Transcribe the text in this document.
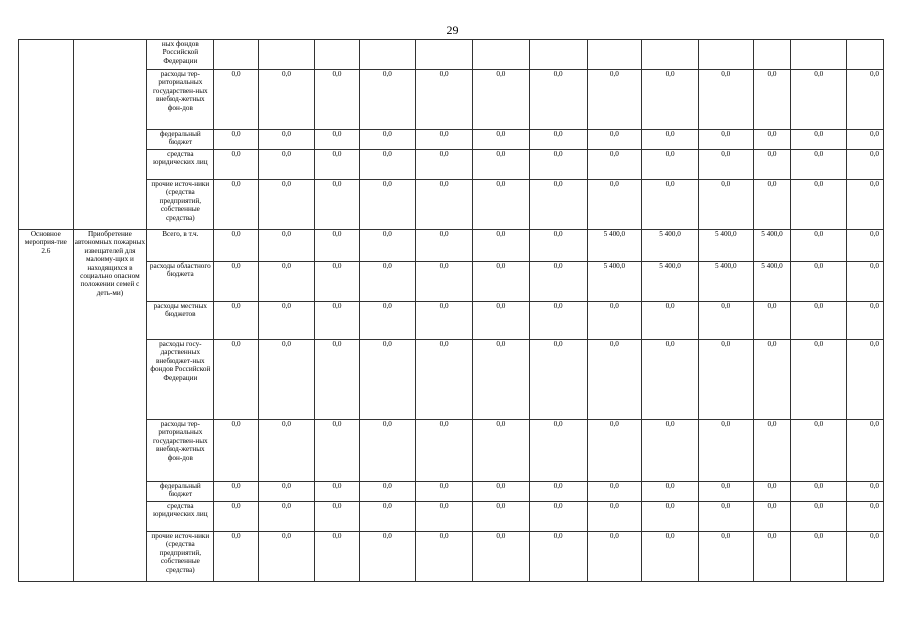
29
		ных фондов Российской Федерации													
		расходы тер-риториальных государствен-ных внебюд-жетных фон-дов	0,0	0,0	0,0	0,0	0,0	0,0	0,0	0,0	0,0	0,0	0,0	0,0	0,0
		федеральный бюджет	0,0	0,0	0,0	0,0	0,0	0,0	0,0	0,0	0,0	0,0	0,0	0,0	0,0
		средства юридических лиц	0,0	0,0	0,0	0,0	0,0	0,0	0,0	0,0	0,0	0,0	0,0	0,0	0,0
		прочие источ-ники (средства предприятий, собственные средства)	0,0	0,0	0,0	0,0	0,0	0,0	0,0	0,0	0,0	0,0	0,0	0,0	0,0
Основное мероприя-тие 2.6	Приобретение автономных пожарных извещателей для малоиму-щих и находящихся в социально опасном положении семей с деть-ми)	Всего, в т.ч.	0,0	0,0	0,0	0,0	0,0	0,0	0,0	5 400,0	5 400,0	5 400,0	5 400,0	0,0	0,0
		расходы областного бюджета	0,0	0,0	0,0	0,0	0,0	0,0	0,0	5 400,0	5 400,0	5 400,0	5 400,0	0,0	0,0
		расходы местных бюджетов	0,0	0,0	0,0	0,0	0,0	0,0	0,0	0,0	0,0	0,0	0,0	0,0	0,0
		расходы госу-дарственных внебюджет-ных фондов Российской Федерации	0,0	0,0	0,0	0,0	0,0	0,0	0,0	0,0	0,0	0,0	0,0	0,0	0,0
		расходы тер-риториальных государствен-ных внебюд-жетных фон-дов	0,0	0,0	0,0	0,0	0,0	0,0	0,0	0,0	0,0	0,0	0,0	0,0	0,0
		федеральный бюджет	0,0	0,0	0,0	0,0	0,0	0,0	0,0	0,0	0,0	0,0	0,0	0,0	0,0
		средства юридических лиц	0,0	0,0	0,0	0,0	0,0	0,0	0,0	0,0	0,0	0,0	0,0	0,0	0,0
		прочие источ-ники (средства предприятий, собственные средства)	0,0	0,0	0,0	0,0	0,0	0,0	0,0	0,0	0,0	0,0	0,0	0,0	0,0
